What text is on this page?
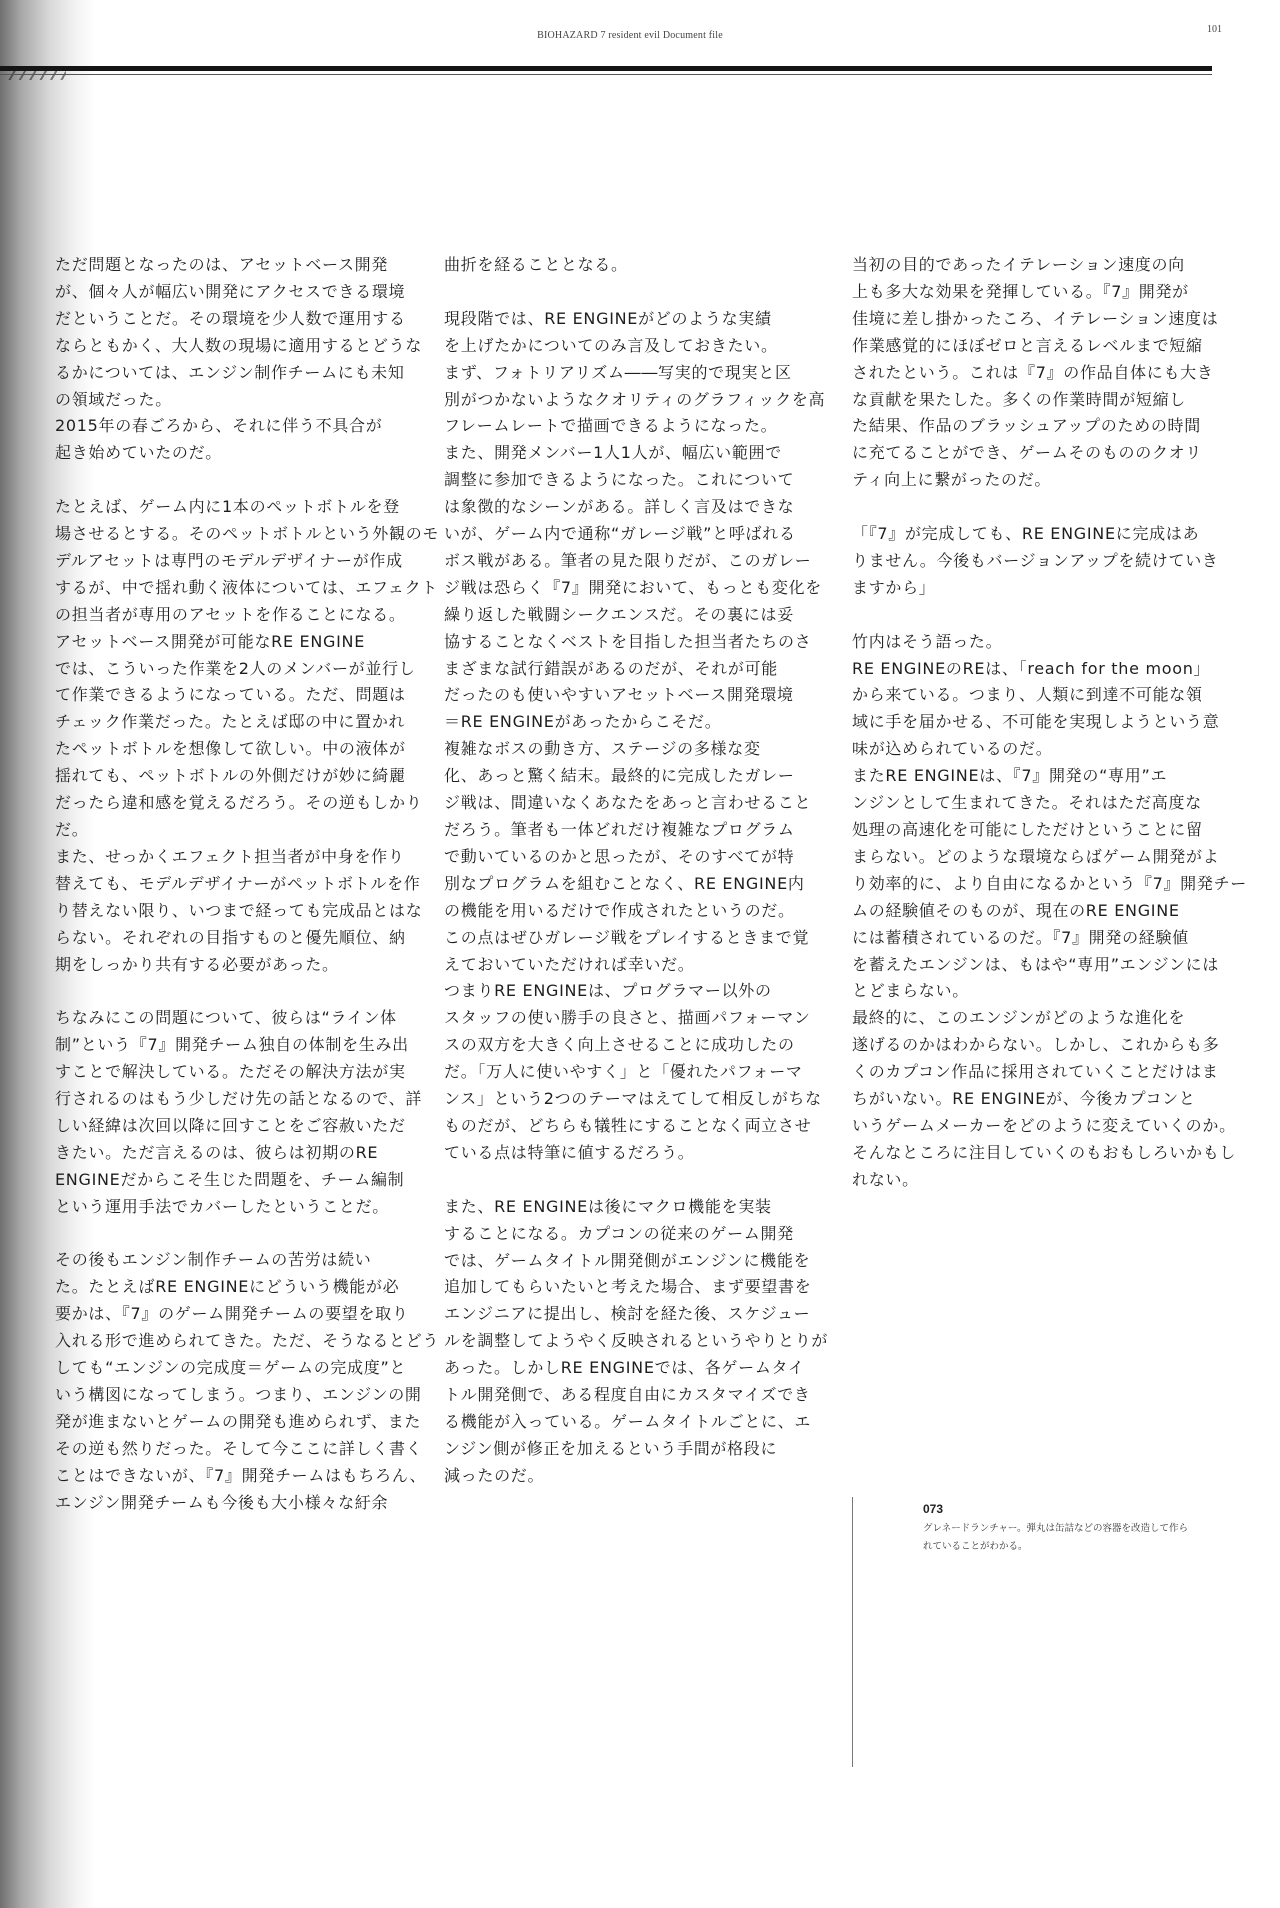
BIOHAZARD 7 resident evil Document file
101

ただ問題となったのは、アセットベース開発

が、個々人が幅広い開発にアクセスできる環境

だということだ。その環境を少人数で運用する

ならともかく、大人数の現場に適用するとどうな

るかについては、エンジン制作チームにも未知

の領域だった。

2015年の春ごろから、それに伴う不具合が

起き始めていたのだ。

たとえば、ゲーム内に1本のペットボトルを登

場させるとする。そのペットボトルという外観のモ

デルアセットは専門のモデルデザイナーが作成

するが、中で揺れ動く液体については、エフェクト

の担当者が専用のアセットを作ることになる。

アセットベース開発が可能なRE ENGINE

では、こういった作業を2人のメンバーが並行し

て作業できるようになっている。ただ、問題は

チェック作業だった。たとえば邸の中に置かれ

たペットボトルを想像して欲しい。中の液体が

揺れても、ペットボトルの外側だけが妙に綺麗

だったら違和感を覚えるだろう。その逆もしかり

だ。

また、せっかくエフェクト担当者が中身を作り

替えても、モデルデザイナーがペットボトルを作

り替えない限り、いつまで経っても完成品とはな

らない。それぞれの目指すものと優先順位、納

期をしっかり共有する必要があった。

ちなみにこの問題について、彼らは“ライン体

制”という『7』開発チーム独自の体制を生み出

すことで解決している。ただその解決方法が実

行されるのはもう少しだけ先の話となるので、詳

しい経緯は次回以降に回すことをご容赦いただ

きたい。ただ言えるのは、彼らは初期のRE

ENGINEだからこそ生じた問題を、チーム編制

という運用手法でカバーしたということだ。

その後もエンジン制作チームの苦労は続い

た。たとえばRE ENGINEにどういう機能が必

要かは、『7』のゲーム開発チームの要望を取り

入れる形で進められてきた。ただ、そうなるとどう

しても“エンジンの完成度＝ゲームの完成度”と

いう構図になってしまう。つまり、エンジンの開

発が進まないとゲームの開発も進められず、また

その逆も然りだった。そして今ここに詳しく書く

ことはできないが、『7』開発チームはもちろん、

エンジン開発チームも今後も大小様々な紆余

曲折を経ることとなる。

現段階では、RE ENGINEがどのような実績

を上げたかについてのみ言及しておきたい。

まず、フォトリアリズム――写実的で現実と区

別がつかないようなクオリティのグラフィックを高

フレームレートで描画できるようになった。

また、開発メンバー1人1人が、幅広い範囲で

調整に参加できるようになった。これについて

は象徴的なシーンがある。詳しく言及はできな

いが、ゲーム内で通称“ガレージ戦”と呼ばれる

ボス戦がある。筆者の見た限りだが、このガレー

ジ戦は恐らく『7』開発において、もっとも変化を

繰り返した戦闘シークエンスだ。その裏には妥

協することなくベストを目指した担当者たちのさ

まざまな試行錯誤があるのだが、それが可能

だったのも使いやすいアセットベース開発環境

＝RE ENGINEがあったからこそだ。

複雑なボスの動き方、ステージの多様な変

化、あっと驚く結末。最終的に完成したガレー

ジ戦は、間違いなくあなたをあっと言わせること

だろう。筆者も一体どれだけ複雑なプログラム

で動いているのかと思ったが、そのすべてが特

別なプログラムを組むことなく、RE ENGINE内

の機能を用いるだけで作成されたというのだ。

この点はぜひガレージ戦をプレイするときまで覚

えておいていただければ幸いだ。

つまりRE ENGINEは、プログラマー以外の

スタッフの使い勝手の良さと、描画パフォーマン

スの双方を大きく向上させることに成功したの

だ。「万人に使いやすく」と「優れたパフォーマ

ンス」という2つのテーマはえてして相反しがちな

ものだが、どちらも犠牲にすることなく両立させ

ている点は特筆に値するだろう。

また、RE ENGINEは後にマクロ機能を実装

することになる。カプコンの従来のゲーム開発

では、ゲームタイトル開発側がエンジンに機能を

追加してもらいたいと考えた場合、まず要望書を

エンジニアに提出し、検討を経た後、スケジュー

ルを調整してようやく反映されるというやりとりが

あった。しかしRE ENGINEでは、各ゲームタイ

トル開発側で、ある程度自由にカスタマイズでき

る機能が入っている。ゲームタイトルごとに、エ

ンジン側が修正を加えるという手間が格段に

減ったのだ。

当初の目的であったイテレーション速度の向

上も多大な効果を発揮している。『7』開発が

佳境に差し掛かったころ、イテレーション速度は

作業感覚的にほぼゼロと言えるレベルまで短縮

されたという。これは『7』の作品自体にも大き

な貢献を果たした。多くの作業時間が短縮し

た結果、作品のブラッシュアップのための時間

に充てることができ、ゲームそのもののクオリ

ティ向上に繋がったのだ。

「『7』が完成しても、RE ENGINEに完成はあ

りません。今後もバージョンアップを続けていき

ますから」

竹内はそう語った。

RE ENGINEのREは、「reach for the moon」

から来ている。つまり、人類に到達不可能な領

域に手を届かせる、不可能を実現しようという意

味が込められているのだ。

またRE ENGINEは、『7』開発の“専用”エ

ンジンとして生まれてきた。それはただ高度な

処理の高速化を可能にしただけということに留

まらない。どのような環境ならばゲーム開発がよ

り効率的に、より自由になるかという『7』開発チー

ムの経験値そのものが、現在のRE ENGINE

には蓄積されているのだ。『7』開発の経験値

を蓄えたエンジンは、もはや“専用”エンジンには

とどまらない。

最終的に、このエンジンがどのような進化を

遂げるのかはわからない。しかし、これからも多

くのカプコン作品に採用されていくことだけはま

ちがいない。RE ENGINEが、今後カプコンと

いうゲームメーカーをどのように変えていくのか。

そんなところに注目していくのもおもしろいかもし

れない。

073

グレネードランチャー。弾丸は缶詰などの容器を改造して作ら

れていることがわかる。
